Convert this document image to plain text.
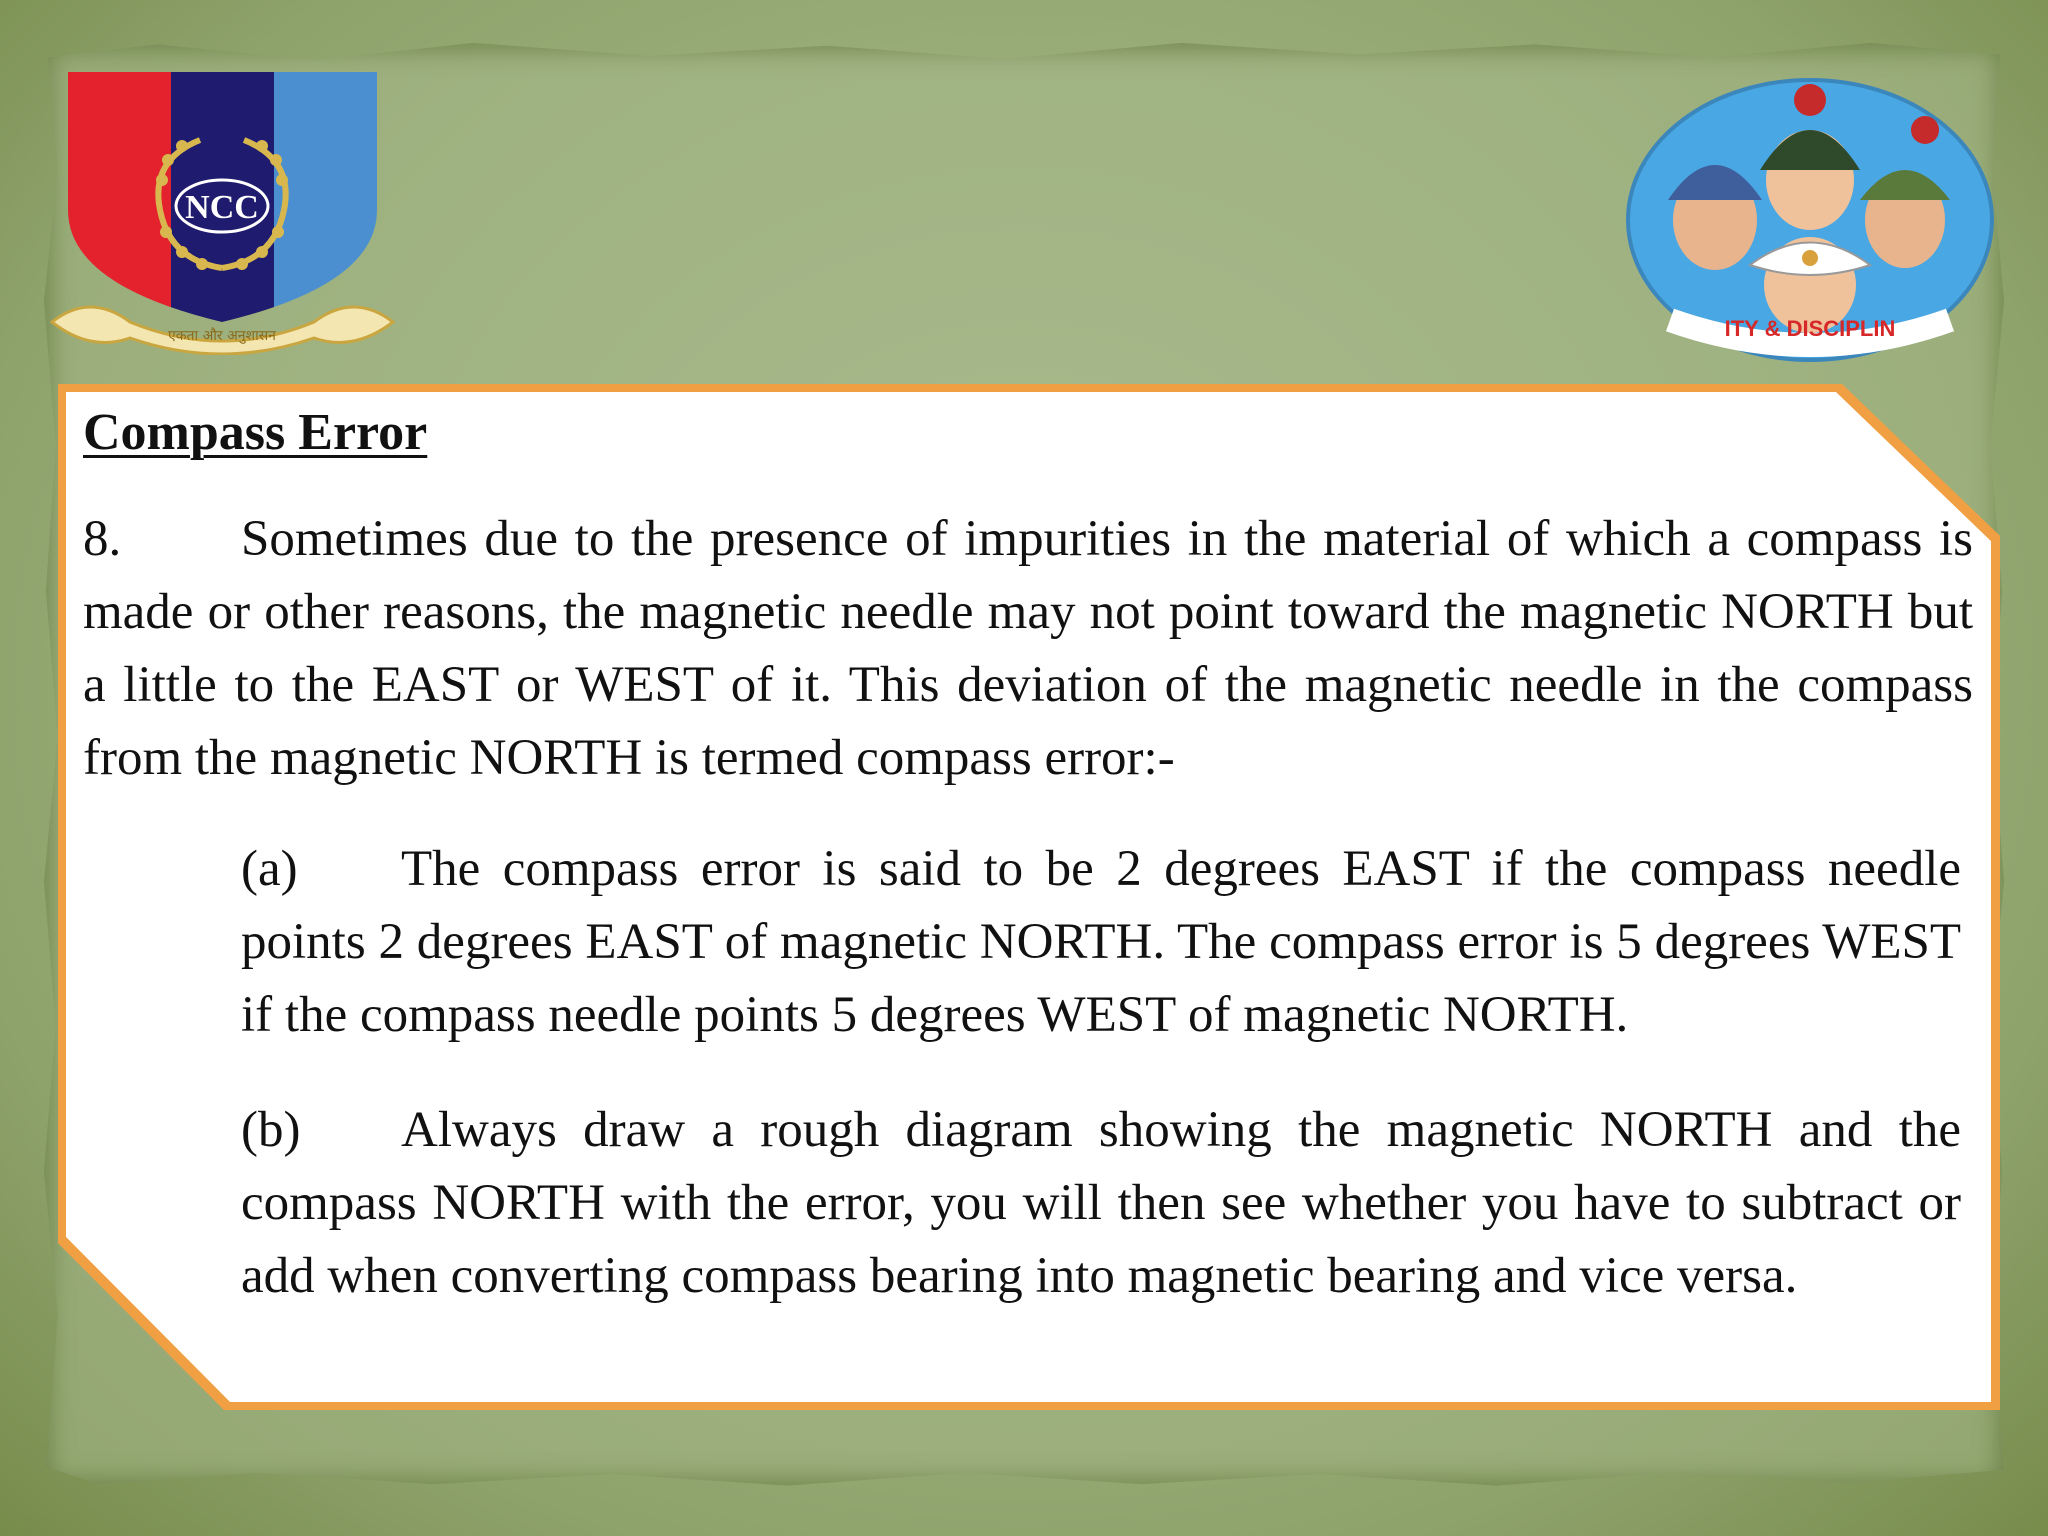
NCC
एकता और अनुशासन	ITY & DISCIPLIN
Compass Error

8. Sometimes due to the presence of impurities in the material of which a compass is made or other reasons, the magnetic needle may not point toward the magnetic NORTH but a little to the EAST or WEST of it. This deviation of the magnetic needle in the compass from the magnetic NORTH is termed compass error:-

(a) The compass error is said to be 2 degrees EAST if the compass needle points 2 degrees EAST of magnetic NORTH. The compass error is 5 degrees WEST if the compass needle points 5 degrees WEST of magnetic NORTH.

(b) Always draw a rough diagram showing the magnetic NORTH and the compass NORTH with the error, you will then see whether you have to subtract or add when converting compass bearing into magnetic bearing and vice versa.
